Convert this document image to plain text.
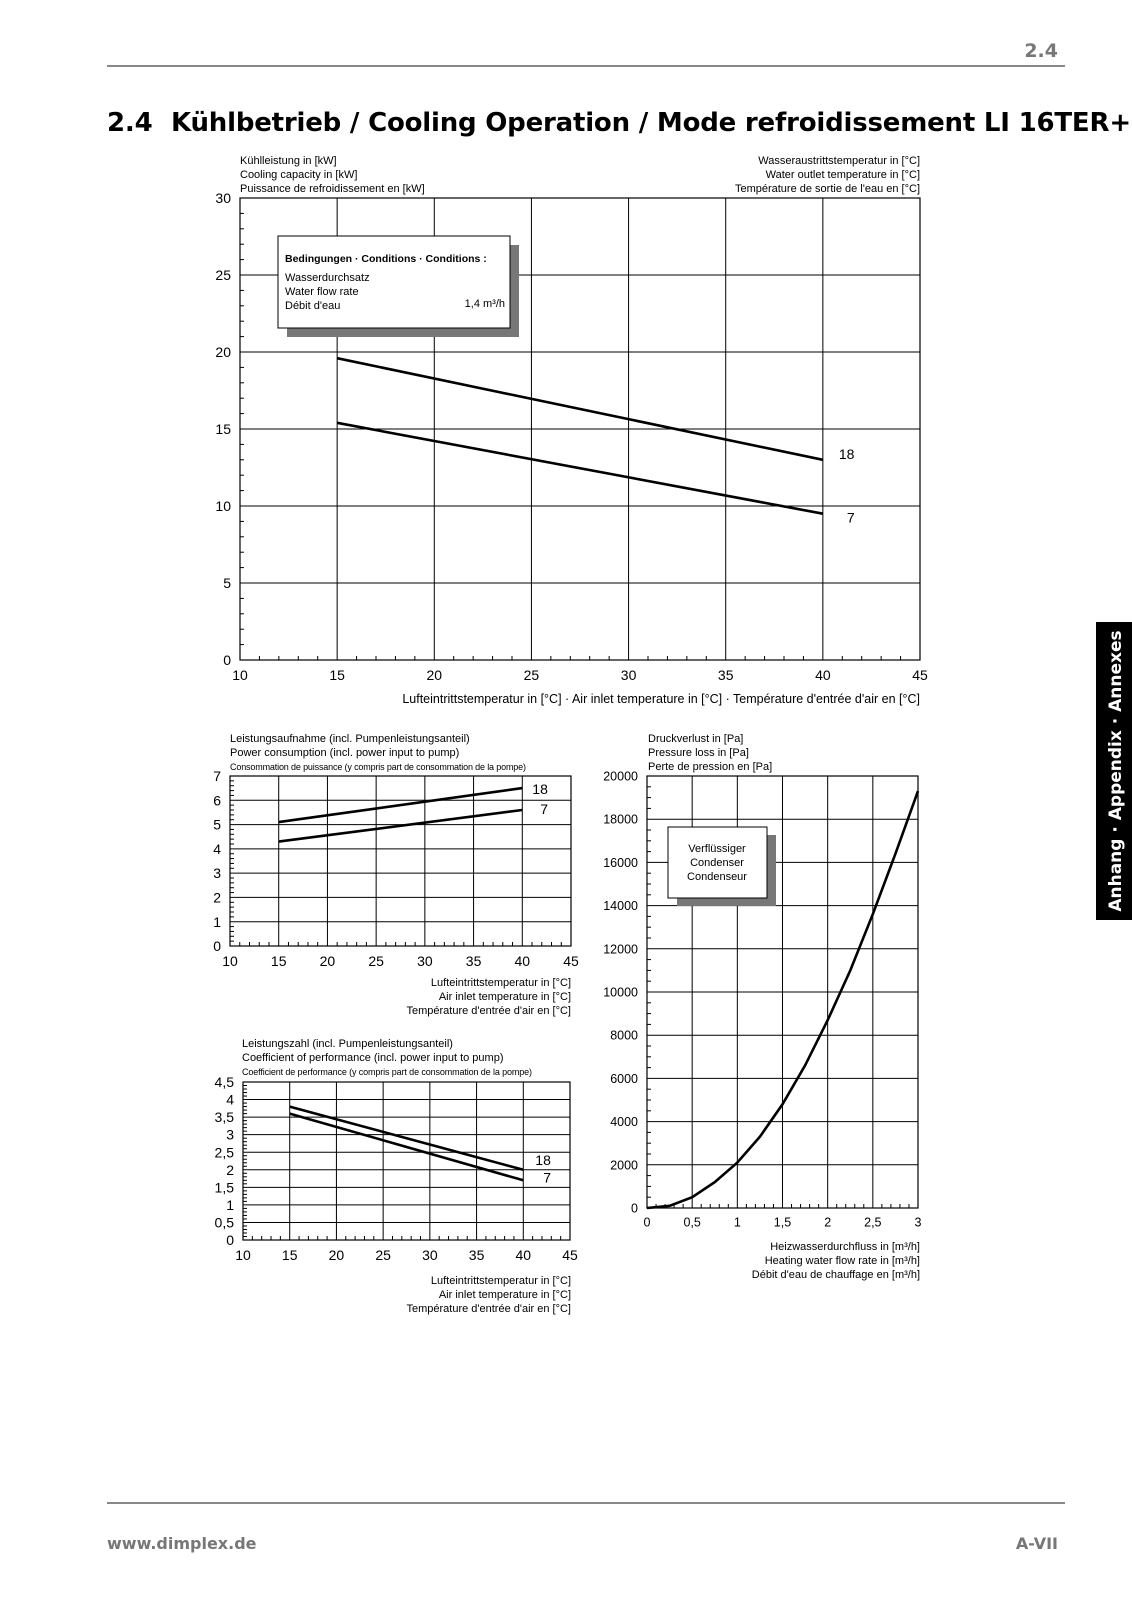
2.4
2.4 Kühlbetrieb / Cooling Operation / Mode refroidissement LI 16TER+
Anhang · Appendix · Annexes
10	15	20	25	30	35	40	45
0
5
10
15
20
25
30
Kühlleistung in [kW]
Cooling capacity in [kW]
Puissance de refroidissement en [kW]
Wasseraustrittstemperatur in [°C]
Water outlet temperature in [°C]
Température de sortie de l'eau en [°C]
Lufteintrittstemperatur in [°C] · Air inlet temperature in [°C] · Température d'entrée d'air en [°C]
18
7
10 15 20 25 30 35 40 45
0
1
2
3
4
5
6
7
Leistungsaufnahme (incl. Pumpenleistungsanteil)
Power consumption (incl. power input to pump)
Consommation de puissance (y compris part de consommation de la pompe)
Lufteintrittstemperatur in [°C]
Air inlet temperature in [°C]
Température d'entrée d'air en [°C]
18
7
10 15 20 25 30 35 40 45
0
0,5
1
1,5
2
2,5
3
3,5
4
4,5
Leistungszahl (incl. Pumpenleistungsanteil)
Coefficient of performance (incl. power input to pump)
Coefficient de performance (y compris part de consommation de la pompe)
Lufteintrittstemperatur in [°C]
Air inlet temperature in [°C]
Température d'entrée d'air en [°C]
18
7
0	0,5	1	1,5	2	2,5	3
0
2000
4000
6000
8000
10000
12000
14000
16000
18000
20000
Druckverlust in [Pa]
Pressure loss in [Pa]
Perte de pression en [Pa]
Heizwasserdurchfluss in [m³/h]
Heating water flow rate in [m³/h]
Débit d'eau de chauffage en [m³/h]
Bedingungen · Conditions · Conditions :
Wasserdurchsatz
Water flow rate
Débit d'eau	1,4 m³/h
Verflüssiger
Condenser
Condenseur
www.dimplex.de	A-VII
